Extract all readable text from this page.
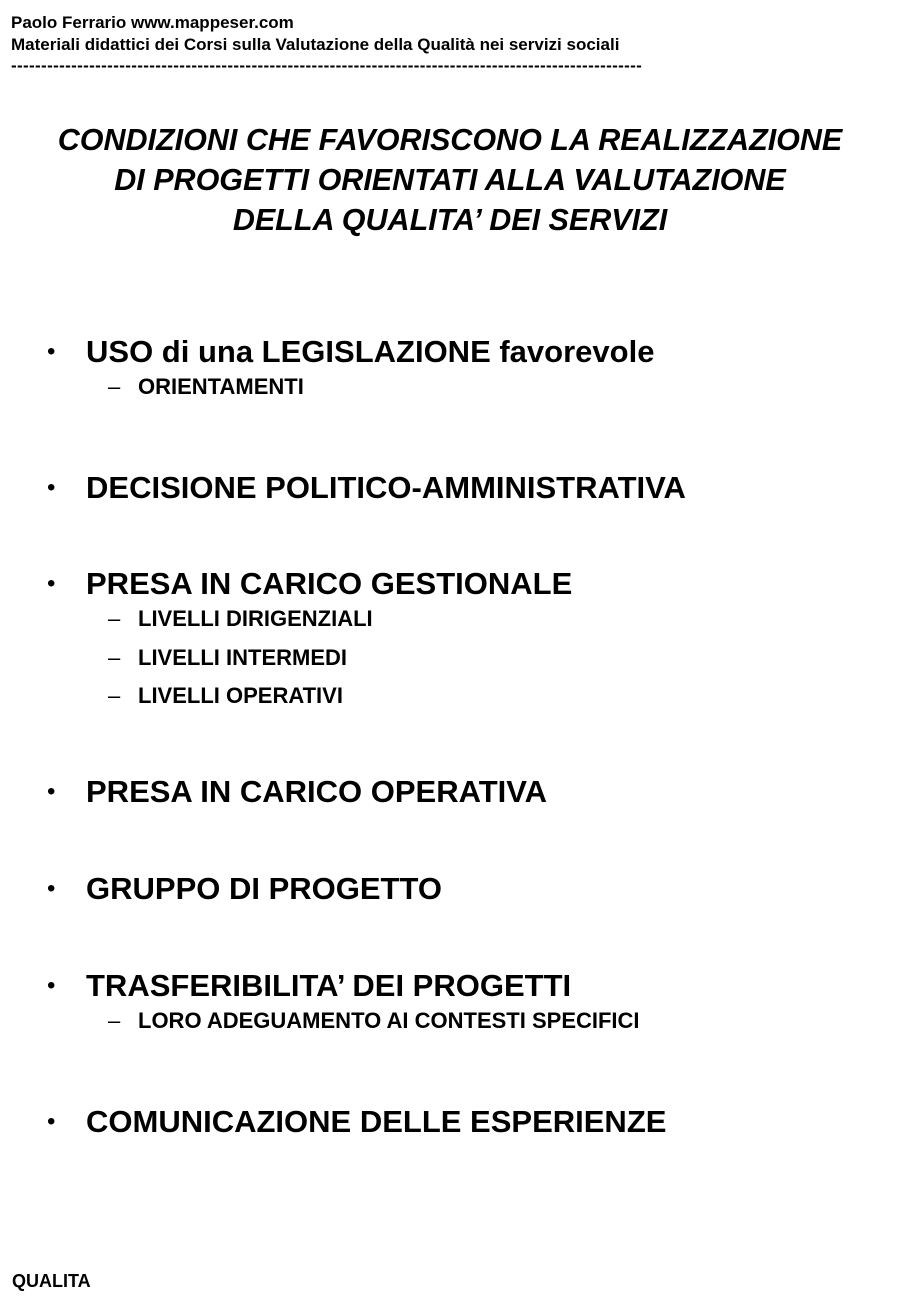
Paolo Ferrario www.mappeser.com
Materiali didattici dei Corsi sulla Valutazione della Qualità nei servizi sociali
---------------------------------------------------------------------------------------------------------
CONDIZIONI CHE FAVORISCONO LA REALIZZAZIONE
DI PROGETTI ORIENTATI ALLA VALUTAZIONE
DELLA QUALITA’ DEI SERVIZI
• USO di una LEGISLAZIONE favorevole
– ORIENTAMENTI
• DECISIONE POLITICO-AMMINISTRATIVA
• PRESA IN CARICO GESTIONALE
– LIVELLI DIRIGENZIALI
– LIVELLI INTERMEDI
– LIVELLI OPERATIVI
• PRESA IN CARICO OPERATIVA
• GRUPPO DI PROGETTO
• TRASFERIBILITA’ DEI PROGETTI
– LORO ADEGUAMENTO AI CONTESTI SPECIFICI
• COMUNICAZIONE DELLE ESPERIENZE
QUALITA
